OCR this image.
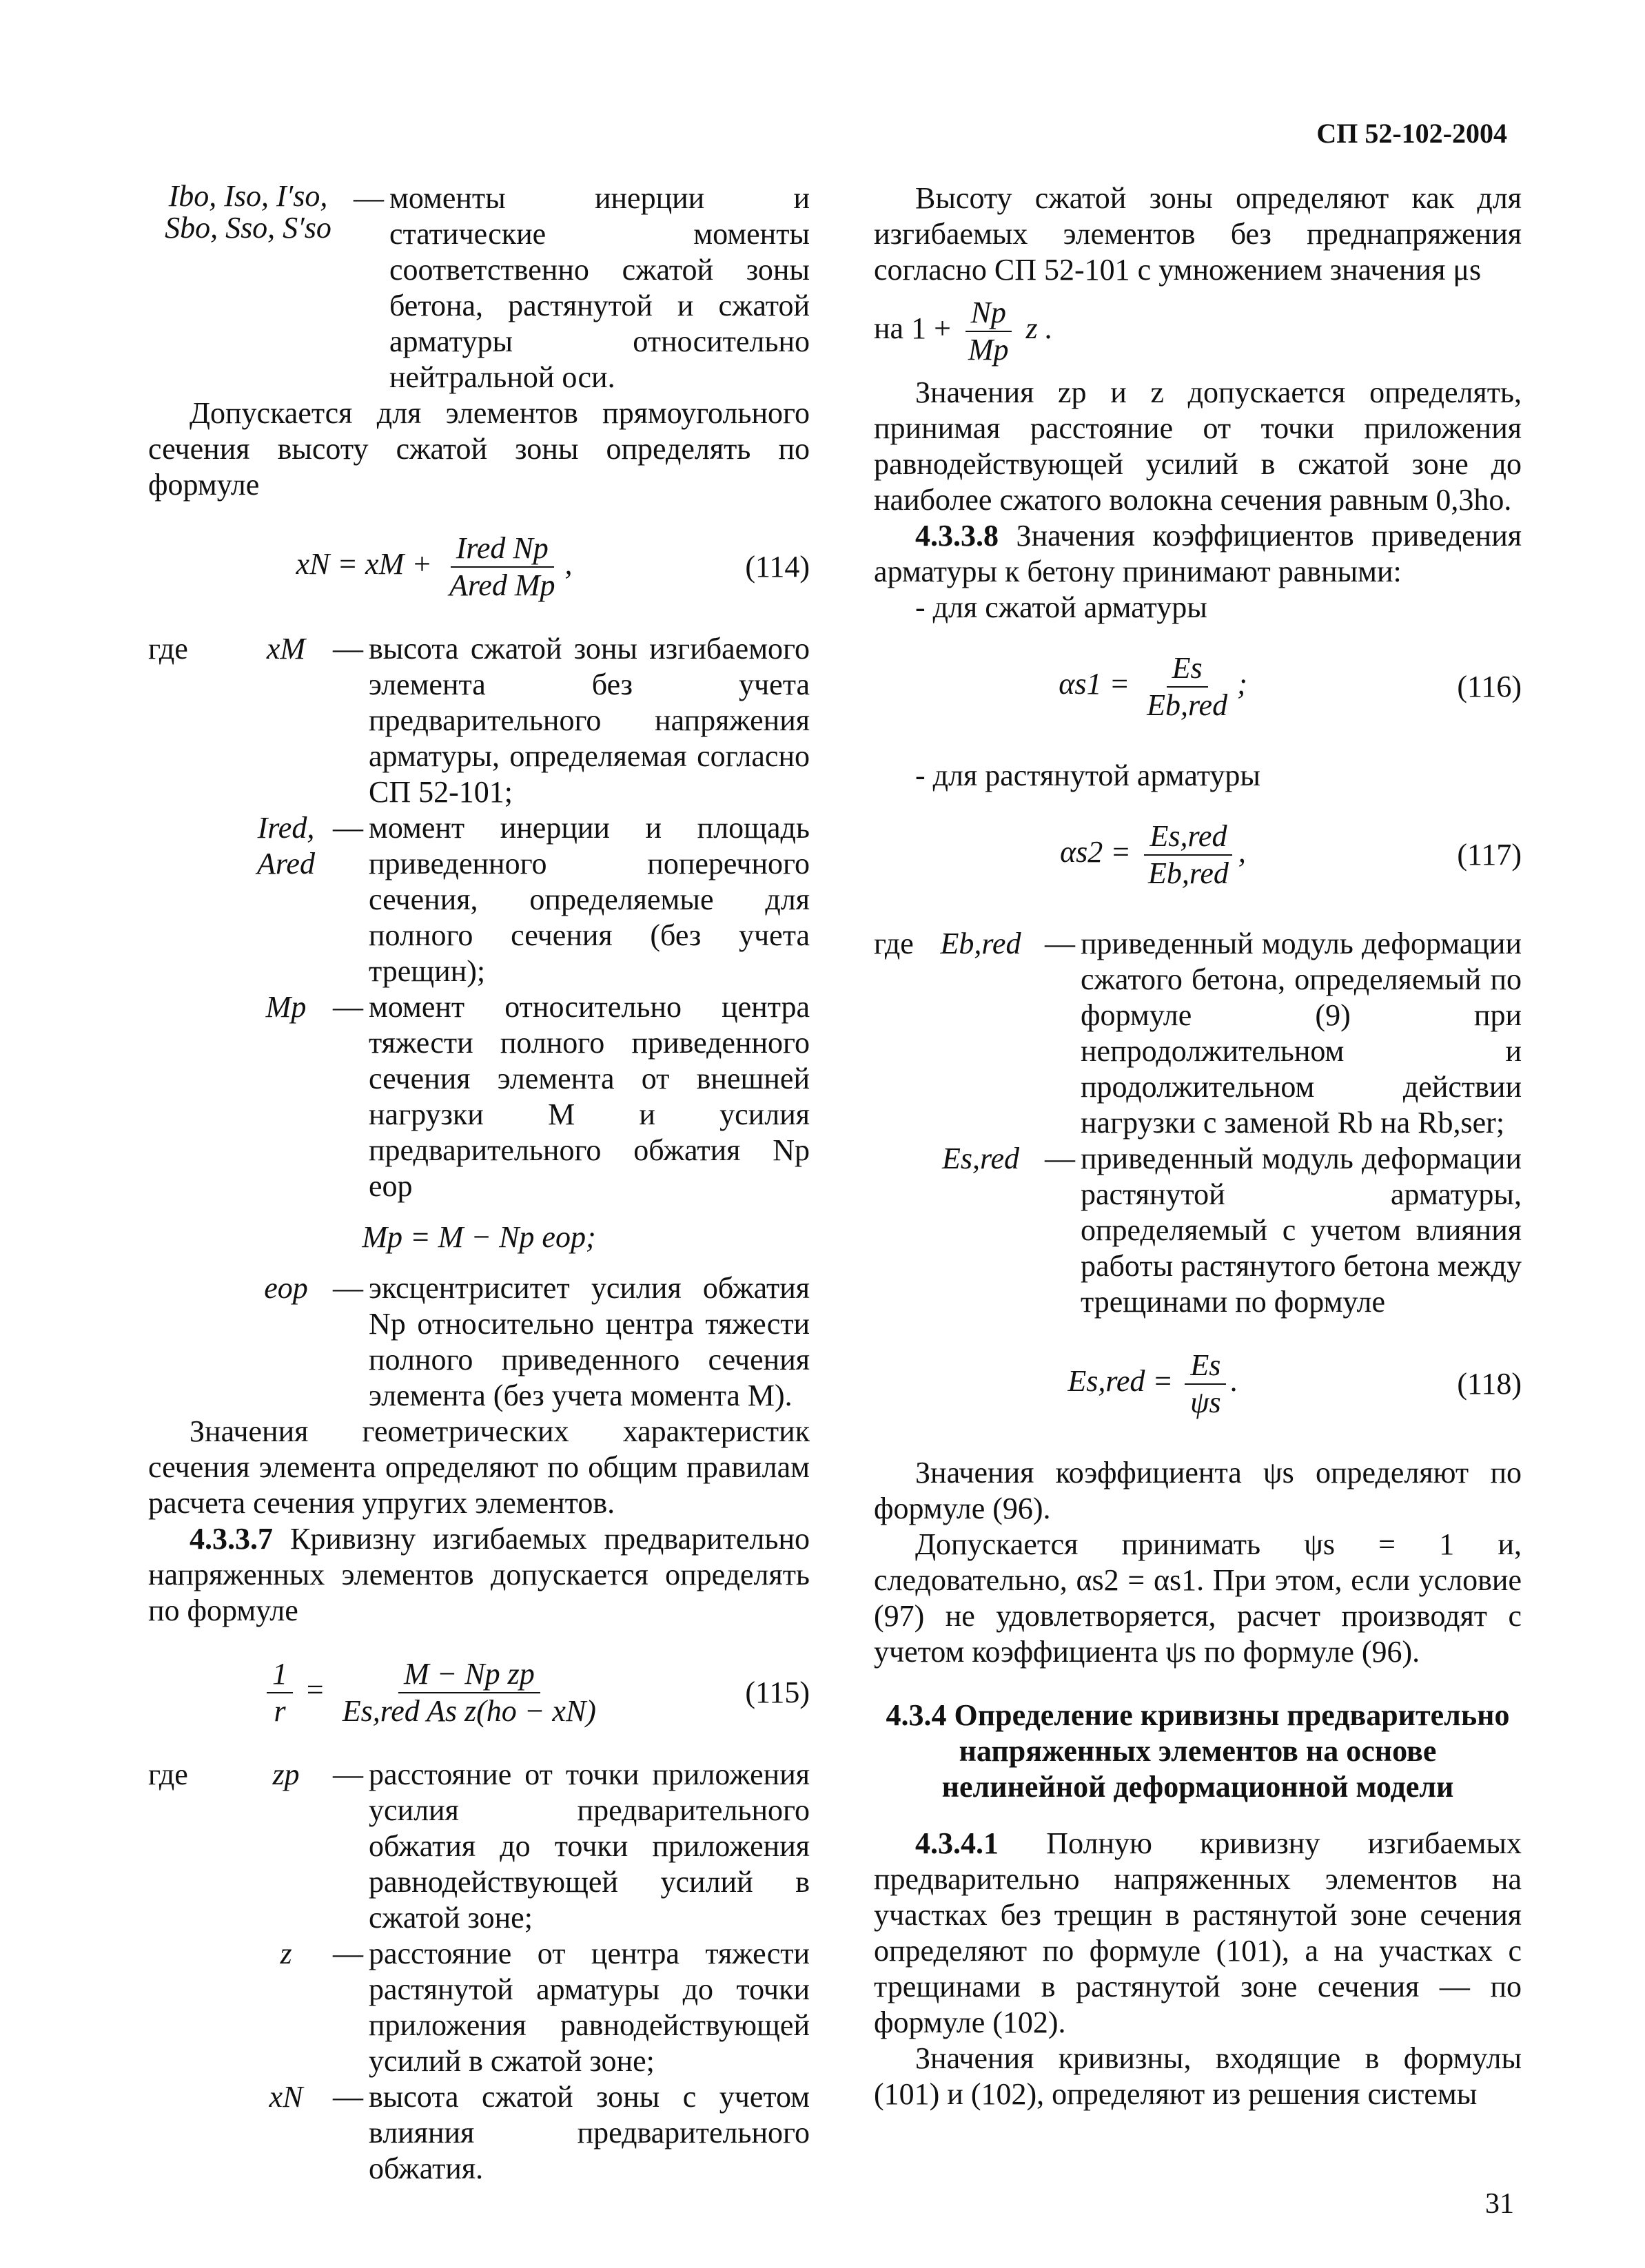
СП 52-102-2004
Ibo, Iso, I′so,
Sbo, Sso, S′so
— моменты инерции и статические моменты соответственно сжатой зоны бетона, растянутой и сжатой арматуры относительно нейтральной оси.

Допускается для элементов прямоугольного сечения высоту сжатой зоны определять по формуле

xN = xM + $\frac{\text{Ired Np}}{\text{Ared Mp}}$ ,	(114)
где	xM — высота сжатой зоны изгибаемого элемента без учета предварительного напряжения арматуры, определяемая согласно СП 52-101;
Ired, Ared
— момент инерции и площадь приведенного поперечного сечения, определяемые для полного сечения (без учета трещин);
Mp — момент относительно центра тяжести полного приведенного сечения элемента от внешней нагрузки M и усилия предварительного обжатия Np eop
Mp = M − Np eop;
eop — эксцентриситет усилия обжатия Np относительно центра тяжести полного приведенного сечения элемента (без учета момента M).

Значения геометрических характеристик сечения элемента определяют по общим правилам расчета сечения упругих элементов.

4.3.3.7 Кривизну изгибаемых предварительно напряженных элементов допускается определять по формуле

$\frac{1}{r} = \frac{\text{M − Np zp}}{\text{Es,red As z(ho − xN)}}$	(115)
где	zp	— расстояние от точки приложения усилия предварительного обжатия до точки приложения равнодействующей усилий в сжатой зоне;
z	— расстояние от центра тяжести растянутой арматуры до точки приложения равнодействующей усилий в сжатой зоне;
xN — высота сжатой зоны с учетом влияния предварительного обжатия.

Высоту сжатой зоны определяют как для изгибаемых элементов без преднапряжения согласно СП 52-101 с умножением значения μs

на $1 + \frac{Np}{Mp}$ z .

Значения zp и z допускается определять, принимая расстояние от точки приложения равнодействующей усилий в сжатой зоне до наиболее сжатого волокна сечения равным 0,3ho.

4.3.3.8 Значения коэффициентов приведения арматуры к бетону принимают равными:

- для сжатой арматуры

$\alpha s1 = \frac{Es}{\text{Eb,red}}$ ;	(116)

- для растянутой арматуры

$\alpha s2 = \frac{\text{Es,red}}{\text{Eb,red}}$ ,	(117)
где Eb,red — приведенный модуль деформации сжатого бетона, определяемый по формуле (9) при непродолжительном и продолжительном действии нагрузки с заменой Rb на Rb,ser;
Es,red — приведенный модуль деформации растянутой арматуры, определяемый с учетом влияния работы растянутого бетона между трещинами по формуле
$Es,red = \frac{Es}{\psi s}$ .	(118)

Значения коэффициента ψs определяют по формуле (96).

Допускается принимать ψs = 1 и, следовательно, αs2 = αs1. При этом, если условие (97) не удовлетворяется, расчет производят с учетом коэффициента ψs по формуле (96).

4.3.4 Определение кривизны предварительно напряженных элементов на основе нелинейной деформационной модели

4.3.4.1 Полную кривизну изгибаемых предварительно напряженных элементов на участках без трещин в растянутой зоне сечения определяют по формуле (101), а на участках с трещинами в растянутой зоне сечения — по формуле (102).

Значения кривизны, входящие в формулы (101) и (102), определяют из решения системы

31
